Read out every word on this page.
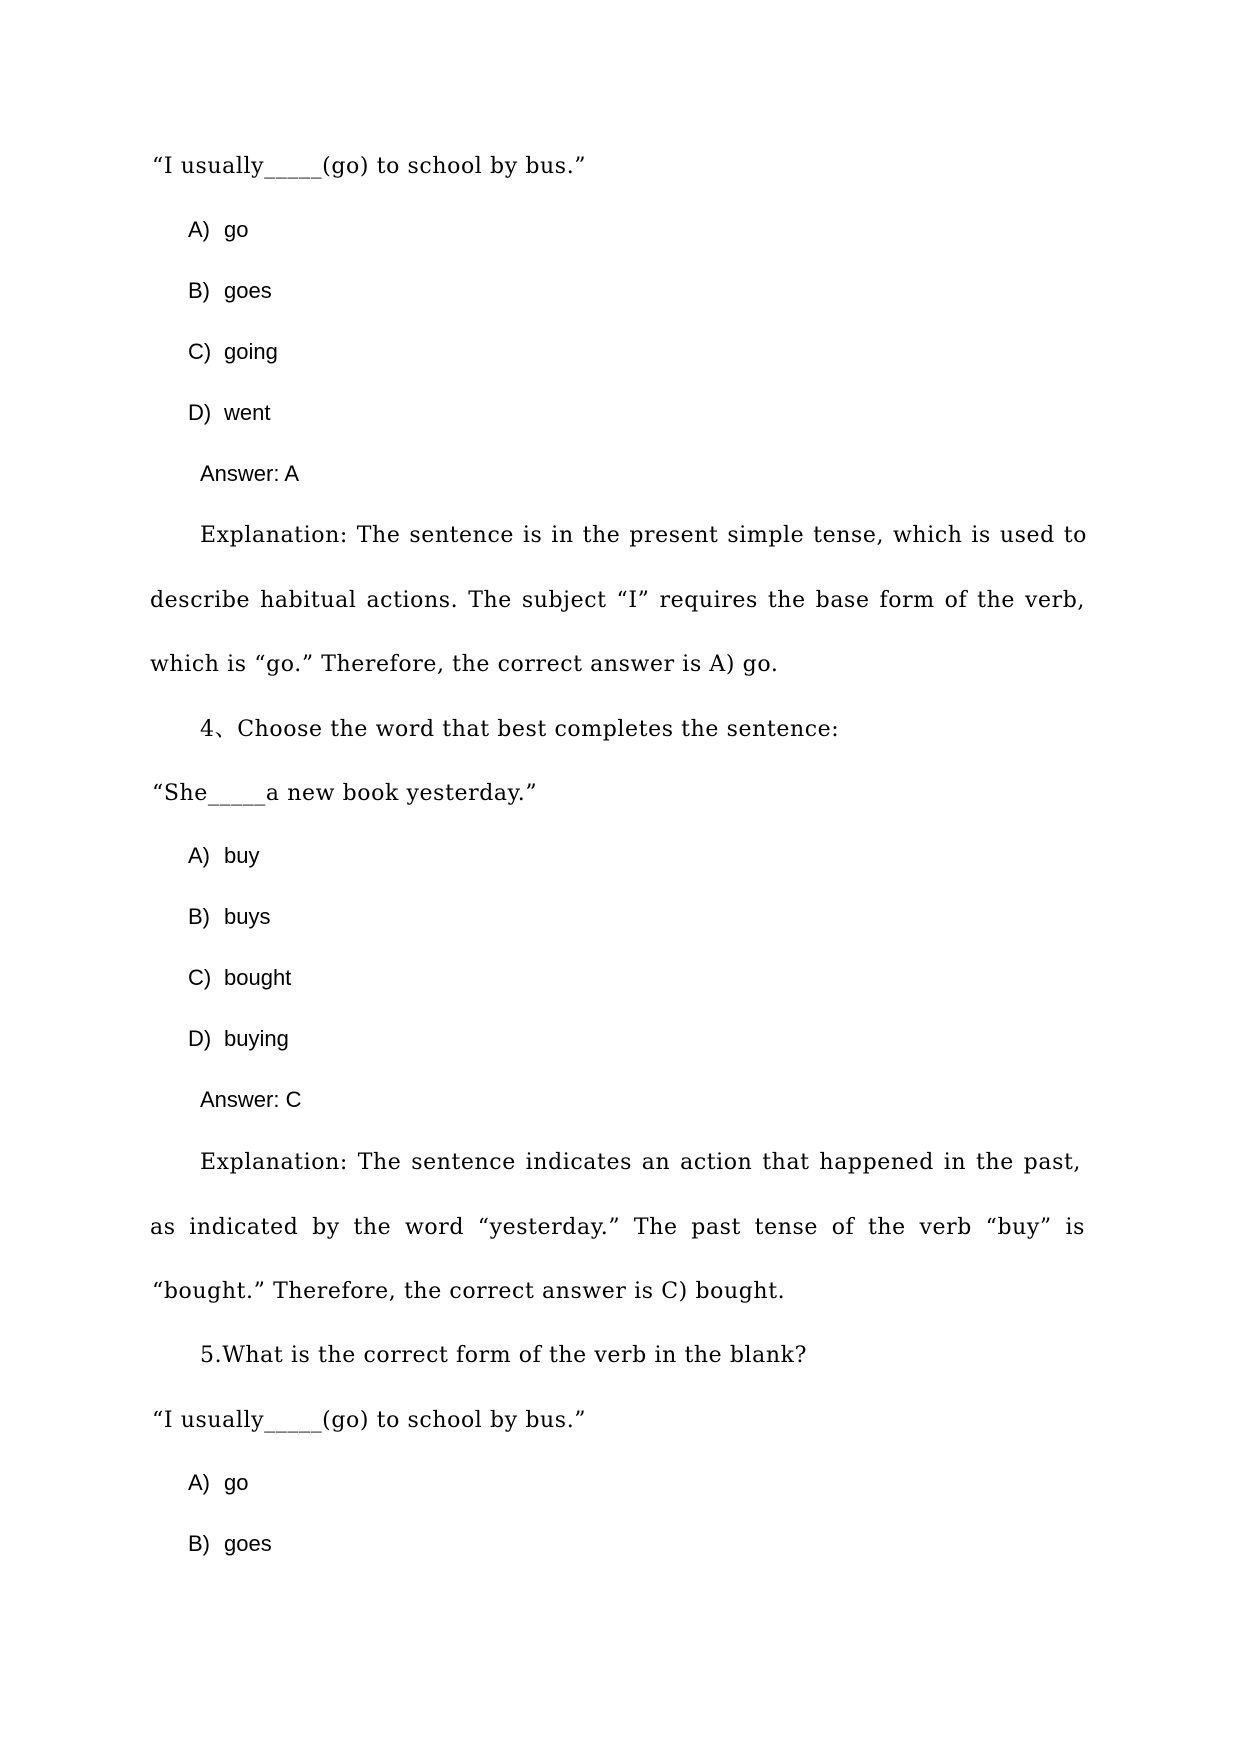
“I usually_____(go) to school by bus.”
A) go
B) goes
C) going
D) went
Answer: A
Explanation: The sentence is in the present simple tense, which is used to
describe habitual actions. The subject “I” requires the base form of the verb,
which is “go.” Therefore, the correct answer is A) go.
4、Choose the word that best completes the sentence:
“She_____a new book yesterday.”
A) buy
B) buys
C) bought
D) buying
Answer: C
Explanation: The sentence indicates an action that happened in the past,
as indicated by the word “yesterday.” The past tense of the verb “buy” is
“bought.” Therefore, the correct answer is C) bought.
5.What is the correct form of the verb in the blank?
“I usually_____(go) to school by bus.”
A) go
B) goes
